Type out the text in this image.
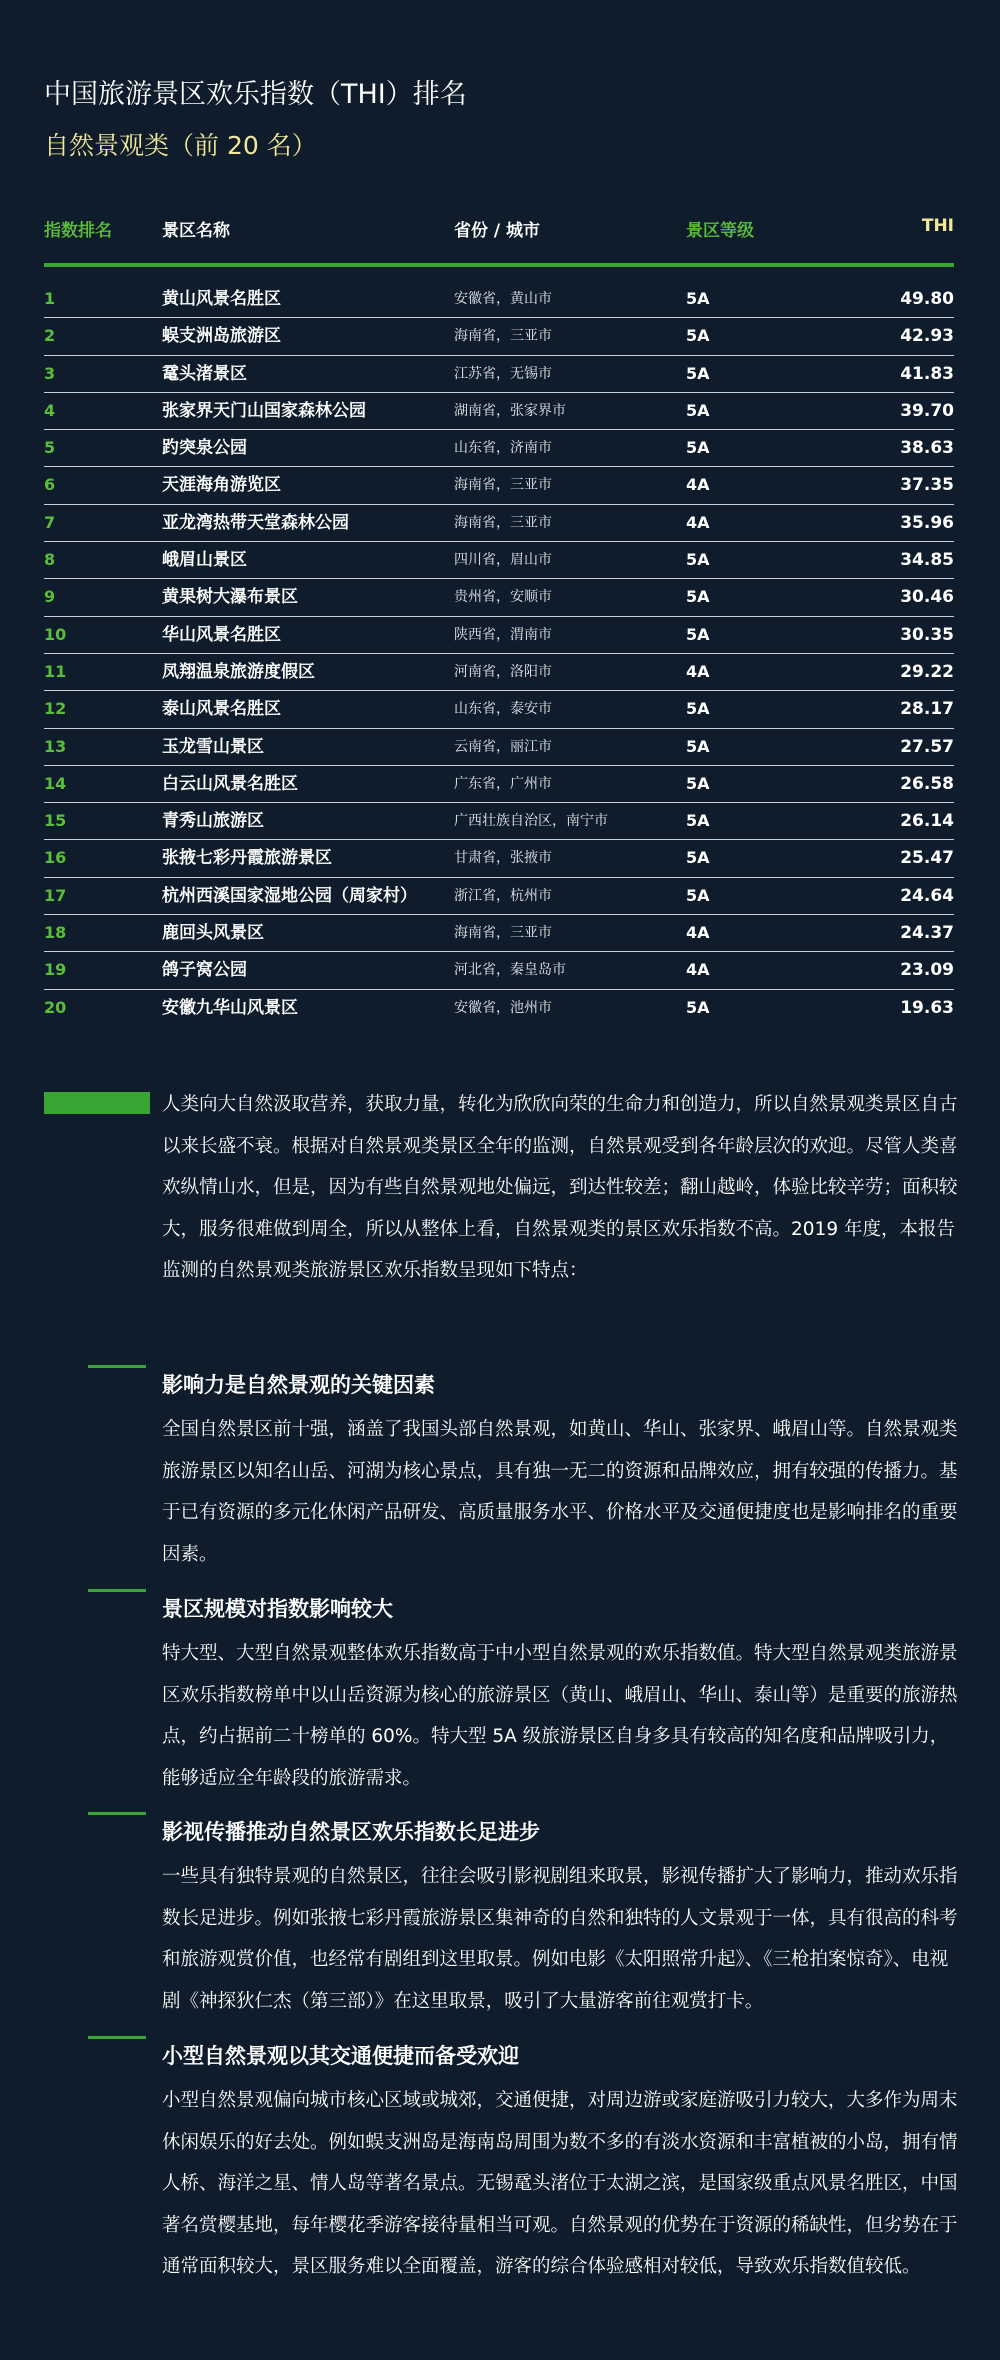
中国旅游景区欢乐指数（THI）排名
自然景观类（前 20 名）
指数排名	景区名称	省份 / 城市	景区等级	THI
1	黄山风景名胜区	安徽省，黄山市	5A	49.80
2	蜈支洲岛旅游区	海南省，三亚市	5A	42.93
3	鼋头渚景区	江苏省，无锡市	5A	41.83
4	张家界天门山国家森林公园	湖南省，张家界市	5A	39.70
5	趵突泉公园	山东省，济南市	5A	38.63
6	天涯海角游览区	海南省，三亚市	4A	37.35
7	亚龙湾热带天堂森林公园	海南省，三亚市	4A	35.96
8	峨眉山景区	四川省，眉山市	5A	34.85
9	黄果树大瀑布景区	贵州省，安顺市	5A	30.46
10	华山风景名胜区	陕西省，渭南市	5A	30.35
11	凤翔温泉旅游度假区	河南省，洛阳市	4A	29.22
12	泰山风景名胜区	山东省，泰安市	5A	28.17
13	玉龙雪山景区	云南省，丽江市	5A	27.57
14	白云山风景名胜区	广东省，广州市	5A	26.58
15	青秀山旅游区	广西壮族自治区，南宁市	5A	26.14
16	张掖七彩丹霞旅游景区	甘肃省，张掖市	5A	25.47
17	杭州西溪国家湿地公园（周家村）	浙江省，杭州市	5A	24.64
18	鹿回头风景区	海南省，三亚市	4A	24.37
19	鸽子窝公园	河北省，秦皇岛市	4A	23.09
20	安徽九华山风景区	安徽省，池州市	5A	19.63
人类向大自然汲取营养，获取力量，转化为欣欣向荣的生命力和创造力，所以自然景观类景区自古以来长盛不衰。根据对自然景观类景区全年的监测，自然景观受到各年龄层次的欢迎。尽管人类喜欢纵情山水，但是，因为有些自然景观地处偏远，到达性较差；翻山越岭，体验比较辛劳；面积较大，服务很难做到周全，所以从整体上看，自然景观类的景区欢乐指数不高。2019 年度，本报告监测的自然景观类旅游景区欢乐指数呈现如下特点：
影响力是自然景观的关键因素
全国自然景区前十强，涵盖了我国头部自然景观，如黄山、华山、张家界、峨眉山等。自然景观类旅游景区以知名山岳、河湖为核心景点，具有独一无二的资源和品牌效应，拥有较强的传播力。基于已有资源的多元化休闲产品研发、高质量服务水平、价格水平及交通便捷度也是影响排名的重要因素。
景区规模对指数影响较大
特大型、大型自然景观整体欢乐指数高于中小型自然景观的欢乐指数值。特大型自然景观类旅游景区欢乐指数榜单中以山岳资源为核心的旅游景区（黄山、峨眉山、华山、泰山等）是重要的旅游热点，约占据前二十榜单的 60%。特大型 5A 级旅游景区自身多具有较高的知名度和品牌吸引力，能够适应全年龄段的旅游需求。
影视传播推动自然景区欢乐指数长足进步
一些具有独特景观的自然景区，往往会吸引影视剧组来取景，影视传播扩大了影响力，推动欢乐指数长足进步。例如张掖七彩丹霞旅游景区集神奇的自然和独特的人文景观于一体，具有很高的科考和旅游观赏价值，也经常有剧组到这里取景。例如电影《太阳照常升起》、《三枪拍案惊奇》、电视剧《神探狄仁杰（第三部）》在这里取景，吸引了大量游客前往观赏打卡。
小型自然景观以其交通便捷而备受欢迎
小型自然景观偏向城市核心区域或城郊，交通便捷，对周边游或家庭游吸引力较大，大多作为周末休闲娱乐的好去处。例如蜈支洲岛是海南岛周围为数不多的有淡水资源和丰富植被的小岛，拥有情人桥、海洋之星、情人岛等著名景点。无锡鼋头渚位于太湖之滨，是国家级重点风景名胜区，中国著名赏樱基地，每年樱花季游客接待量相当可观。自然景观的优势在于资源的稀缺性，但劣势在于通常面积较大，景区服务难以全面覆盖，游客的综合体验感相对较低，导致欢乐指数值较低。
